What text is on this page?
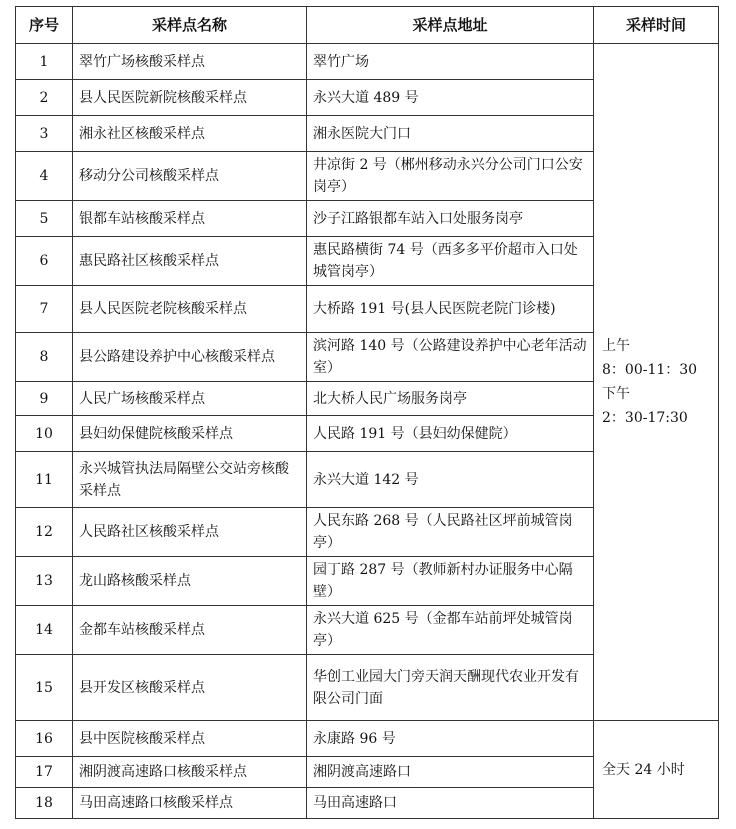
序号	采样点名称	采样点地址	采样时间
1	翠竹广场核酸采样点	翠竹广场	上午
8：00-11：30
下午
2：30-17:30

2	县人民医院新院核酸采样点	永兴大道 489 号	
3	湘永社区核酸采样点	湘永医院大门口	
4	移动分公司核酸采样点	井凉街 2 号（郴州移动永兴分公司门口公安岗亭）	
5	银都车站核酸采样点	沙子江路银都车站入口处服务岗亭	
6	惠民路社区核酸采样点	惠民路横街 74 号（西多多平价超市入口处城管岗亭）	
7	县人民医院老院核酸采样点	大桥路 191 号(县人民医院老院门诊楼)	
8	县公路建设养护中心核酸采样点	滨河路 140 号（公路建设养护中心老年活动室）	
9	人民广场核酸采样点	北大桥人民广场服务岗亭	
10	县妇幼保健院核酸采样点	人民路 191 号（县妇幼保健院）	
11	永兴城管执法局隔壁公交站旁核酸采样点	永兴大道 142 号	
12	人民路社区核酸采样点	人民东路 268 号（人民路社区坪前城管岗亭）	
13	龙山路核酸采样点	园丁路 287 号（教师新村办证服务中心隔壁）	
14	金都车站核酸采样点	永兴大道 625 号（金都车站前坪处城管岗亭）	
15	县开发区核酸采样点	华创工业园大门旁天润天酬现代农业开发有限公司门面	
16	县中医院核酸采样点	永康路 96 号	全天 24 小时
17	湘阴渡高速路口核酸采样点	湘阴渡高速路口	
18	马田高速路口核酸采样点	马田高速路口	
